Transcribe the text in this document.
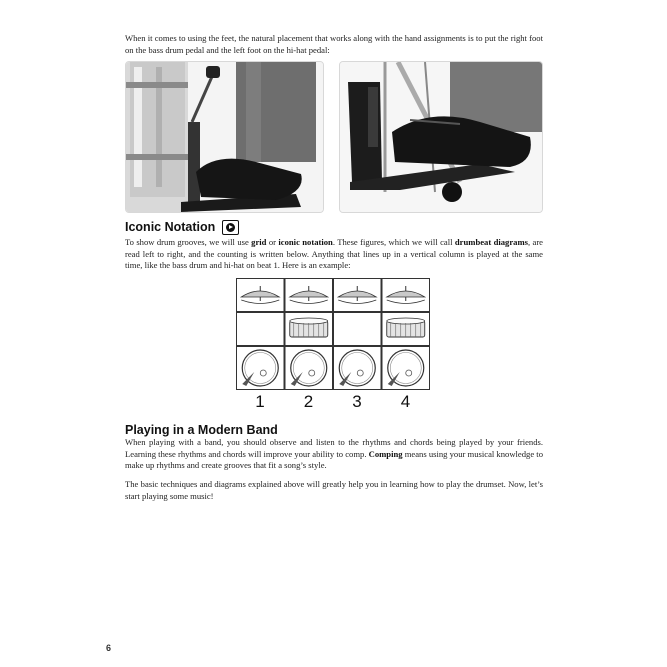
When it comes to using the feet, the natural placement that works along with the hand assignments is to put the right foot on the bass drum pedal and the left foot on the hi-hat pedal:

Iconic Notation

To show drum grooves, we will use grid or iconic notation. These figures, which we will call drumbeat diagrams, are read left to right, and the counting is written below. Anything that lines up in a vertical column is played at the same time, like the bass drum and hi-hat on beat 1. Here is an example:

1	2	3	4
Playing in a Modern Band

When playing with a band, you should observe and listen to the rhythms and chords being played by your friends. Learning these rhythms and chords will improve your ability to comp. Comping means using your musical knowledge to make up rhythms and create grooves that fit a song’s style.

The basic techniques and diagrams explained above will greatly help you in learning how to play the drumset. Now, let’s start playing some music!

6
